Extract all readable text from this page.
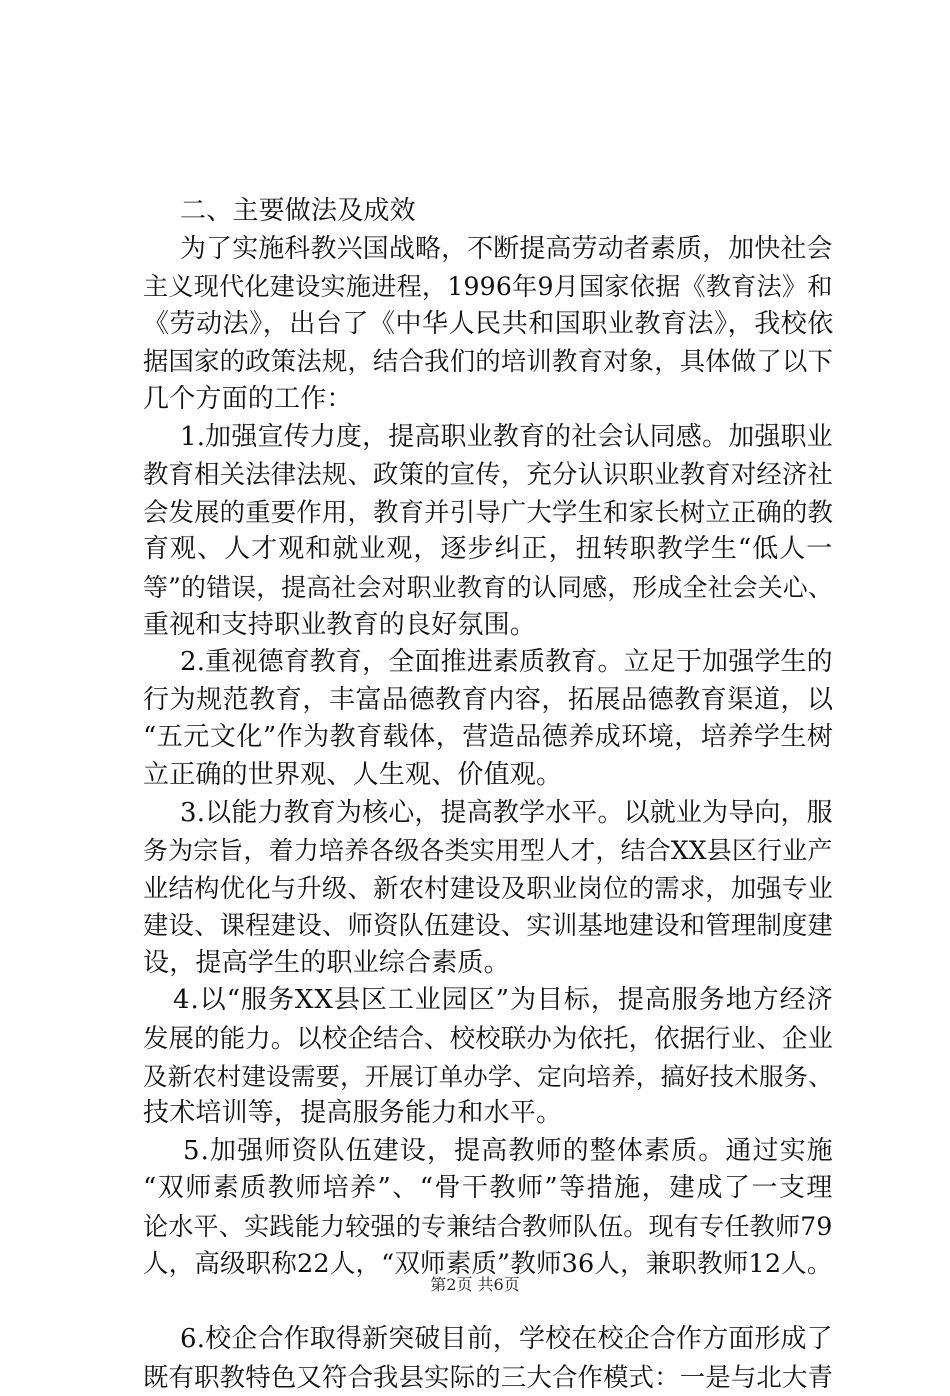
二、主要做法及成效
为了实施科教兴国战略，不断提高劳动者素质，加快社会
主义现代化建设实施进程，1996年9月国家依据《教育法》和
《劳动法》，出台了《中华人民共和国职业教育法》，我校依
据国家的政策法规，结合我们的培训教育对象，具体做了以下
几个方面的工作：
1.加强宣传力度，提高职业教育的社会认同感。加强职业
教育相关法律法规、政策的宣传，充分认识职业教育对经济社
会发展的重要作用，教育并引导广大学生和家长树立正确的教
育观、人才观和就业观，逐步纠正，扭转职教学生“低人一
等”的错误，提高社会对职业教育的认同感，形成全社会关心、
重视和支持职业教育的良好氛围。
2.重视德育教育，全面推进素质教育。立足于加强学生的
行为规范教育，丰富品德教育内容，拓展品德教育渠道，以
“五元文化”作为教育载体，营造品德养成环境，培养学生树
立正确的世界观、人生观、价值观。
3.以能力教育为核心，提高教学水平。以就业为导向，服
务为宗旨，着力培养各级各类实用型人才，结合XX县区行业产
业结构优化与升级、新农村建设及职业岗位的需求，加强专业
建设、课程建设、师资队伍建设、实训基地建设和管理制度建
设，提高学生的职业综合素质。
4.以“服务XX县区工业园区”为目标，提高服务地方经济
发展的能力。以校企结合、校校联办为依托，依据行业、企业
及新农村建设需要，开展订单办学、定向培养，搞好技术服务、
技术培训等，提高服务能力和水平。
5.加强师资队伍建设，提高教师的整体素质。通过实施
“双师素质教师培养”、“骨干教师”等措施，建成了一支理
论水平、实践能力较强的专兼结合教师队伍。现有专任教师79
人，高级职称22人，“双师素质”教师36人，兼职教师12人。
6.校企合作取得新突破目前，学校在校企合作方面形成了
既有职教特色又符合我县实际的三大合作模式：一是与北大青
第2页 共6页
